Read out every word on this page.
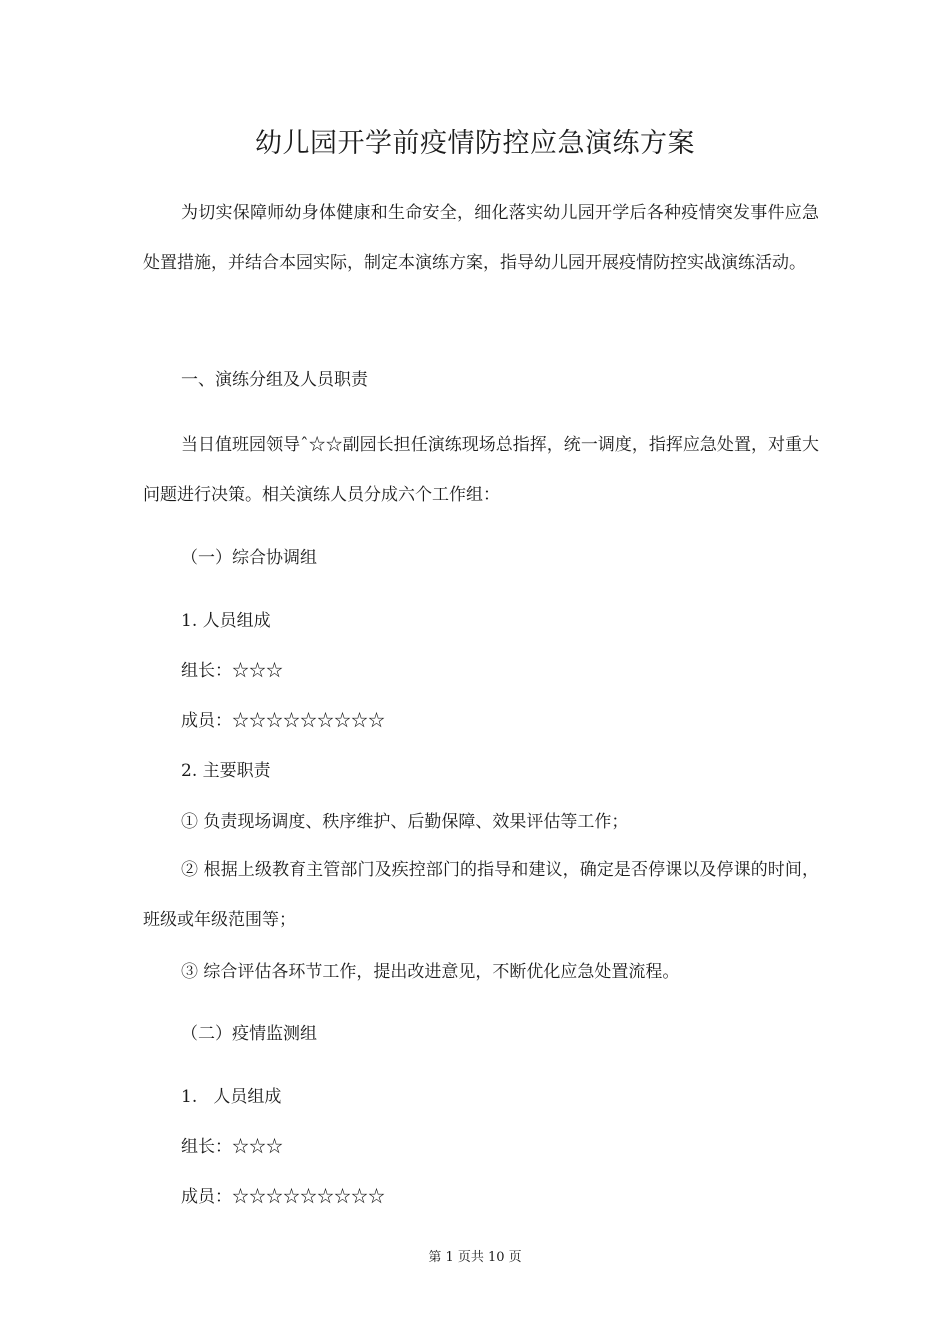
幼儿园开学前疫情防控应急演练方案
为切实保障师幼身体健康和生命安全，细化落实幼儿园开学后各种疫情突发事件应急处置措施，并结合本园实际，制定本演练方案，指导幼儿园开展疫情防控实战演练活动。
一、演练分组及人员职责
当日值班园领导ˆ☆☆副园长担任演练现场总指挥，统一调度，指挥应急处置，对重大问题进行决策。相关演练人员分成六个工作组：
（一）综合协调组
1. 人员组成
组长：☆☆☆
成员：☆☆☆☆☆☆☆☆☆
2. 主要职责
① 负责现场调度、秩序维护、后勤保障、效果评估等工作；
② 根据上级教育主管部门及疾控部门的指导和建议，确定是否停课以及停课的时间，班级或年级范围等；
③ 综合评估各环节工作，提出改进意见，不断优化应急处置流程。
（二）疫情监测组
1.   人员组成
组长：☆☆☆
成员：☆☆☆☆☆☆☆☆☆
第 1 页共 10 页
